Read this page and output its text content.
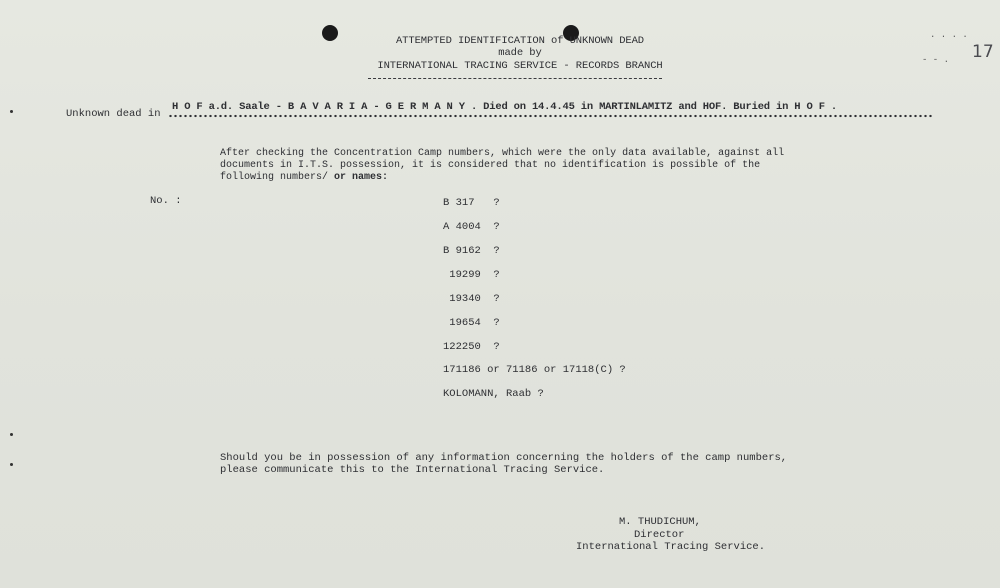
ATTEMPTED IDENTIFICATION of UNKNOWN DEAD
made by
INTERNATIONAL TRACING SERVICE - RECORDS BRANCH
. . . .
- - . 17
Unknown dead in
H O F a.d. Saale - B A V A R I A - G E R M A N Y . Died on 14.4.45 in MARTINLAMITZ and HOF. Buried in H O F .
After checking the Concentration Camp numbers, which were the only data available, against all
documents in I.T.S. possession, it is considered that no identification is possible of the
following numbers/ or names:
No. :	B 317   ?
A 4004  ?
B 9162  ?
19299  ?
19340  ?
19654  ?
122250  ?
171186 or 71186 or 17118(C) ?
KOLOMANN, Raab ?
Should you be in possession of any information concerning the holders of the camp numbers,
please communicate this to the International Tracing Service.
M. THUDICHUM,
Director
International Tracing Service.
